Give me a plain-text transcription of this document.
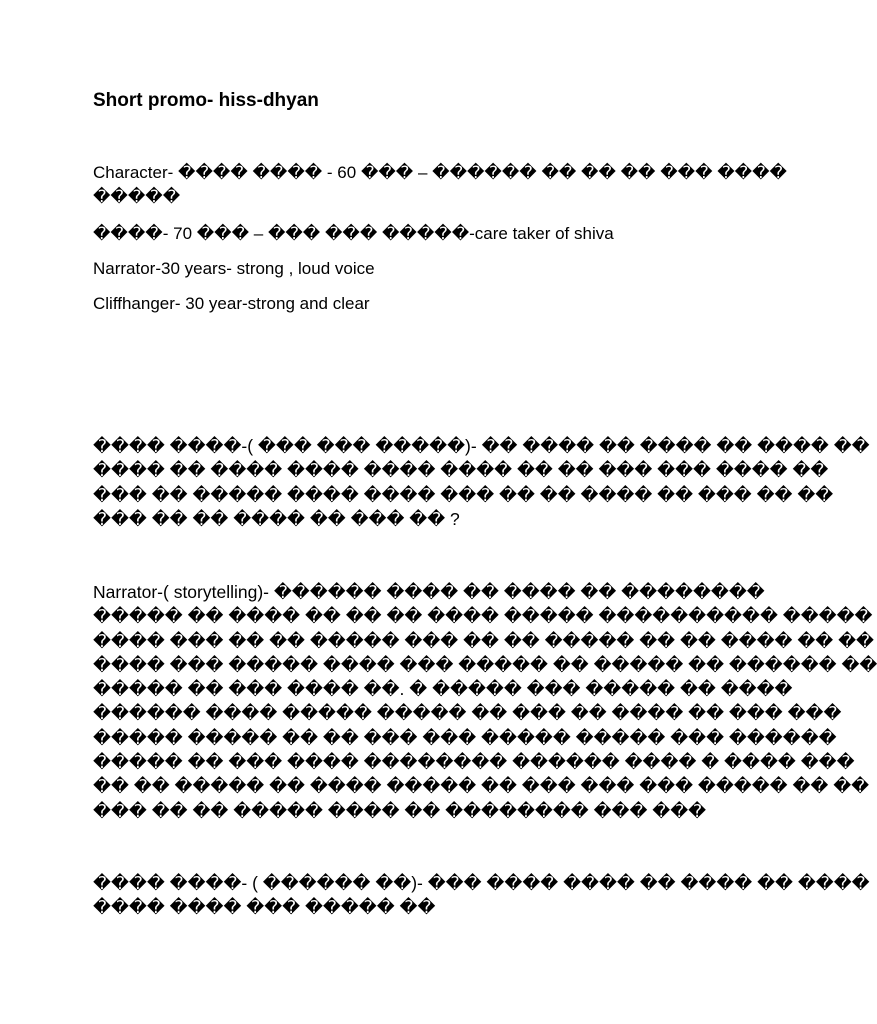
Short promo- hiss-dhyan
Character- ���� ���� - 60 ��� – ������ �� �� �� ��� ����
�����
����- 70 ��� – ��� ��� �����-care taker of shiva
Narrator-30 years- strong , loud voice
Cliffhanger- 30 year-strong and clear

���� ����-( ��� ��� �����)- �� ���� �� ���� �� ���� ��

���� �� ���� ���� ���� ���� �� �� ��� ��� ���� ��

��� �� ����� ���� ���� ��� �� �� ���� �� ��� �� ��

��� �� �� ���� �� ��� �� ?

Narrator-( storytelling)- ������ ���� �� ���� �� ��������

����� �� ���� �� �� �� ���� ����� ���������� �����

���� ��� �� �� ����� ��� �� �� ����� �� �� ���� �� ��

���� ��� ����� ���� ��� ����� �� ����� �� ������ ��

����� �� ��� ���� ��. � ����� ��� ����� �� ����

������ ���� ����� ����� �� ��� �� ���� �� ��� ���

����� ����� �� �� ��� ��� ����� ����� ��� ������

����� �� ��� ���� �������� ������ ���� � ���� ���

�� �� ����� �� ���� ����� �� ��� ��� ��� ����� �� ��

��� �� �� ����� ���� �� �������� ��� ���

���� ����- ( ������ ��)- ��� ���� ���� �� ���� �� ����

���� ���� ��� ����� ��
